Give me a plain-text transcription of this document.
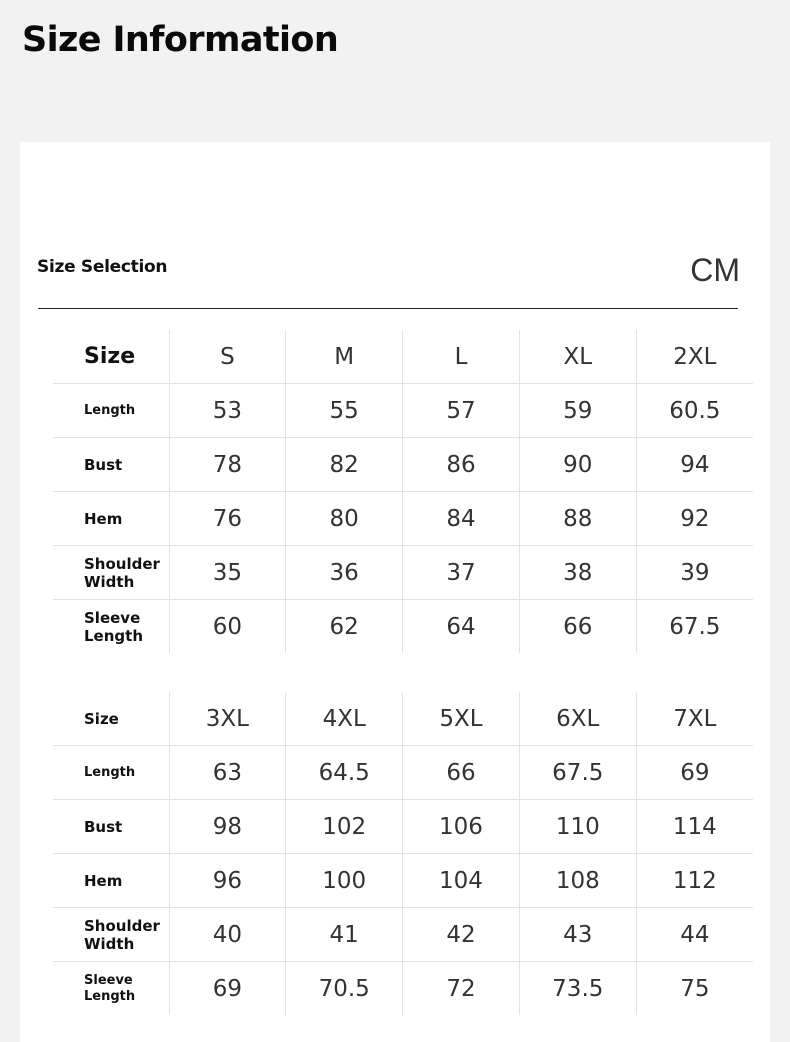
Size Information
Size Selection	CM
Size	S	M	L	XL	2XL
Length	53	55	57	59	60.5
Bust	78	82	86	90	94
Hem	76	80	84	88	92
Shoulder Width	35	36	37	38	39
Sleeve Length	60	62	64	66	67.5
Size	3XL	4XL	5XL	6XL	7XL
Length	63	64.5	66	67.5	69
Bust	98	102	106	110	114
Hem	96	100	104	108	112
Shoulder Width	40	41	42	43	44
Sleeve Length	69	70.5	72	73.5	75
